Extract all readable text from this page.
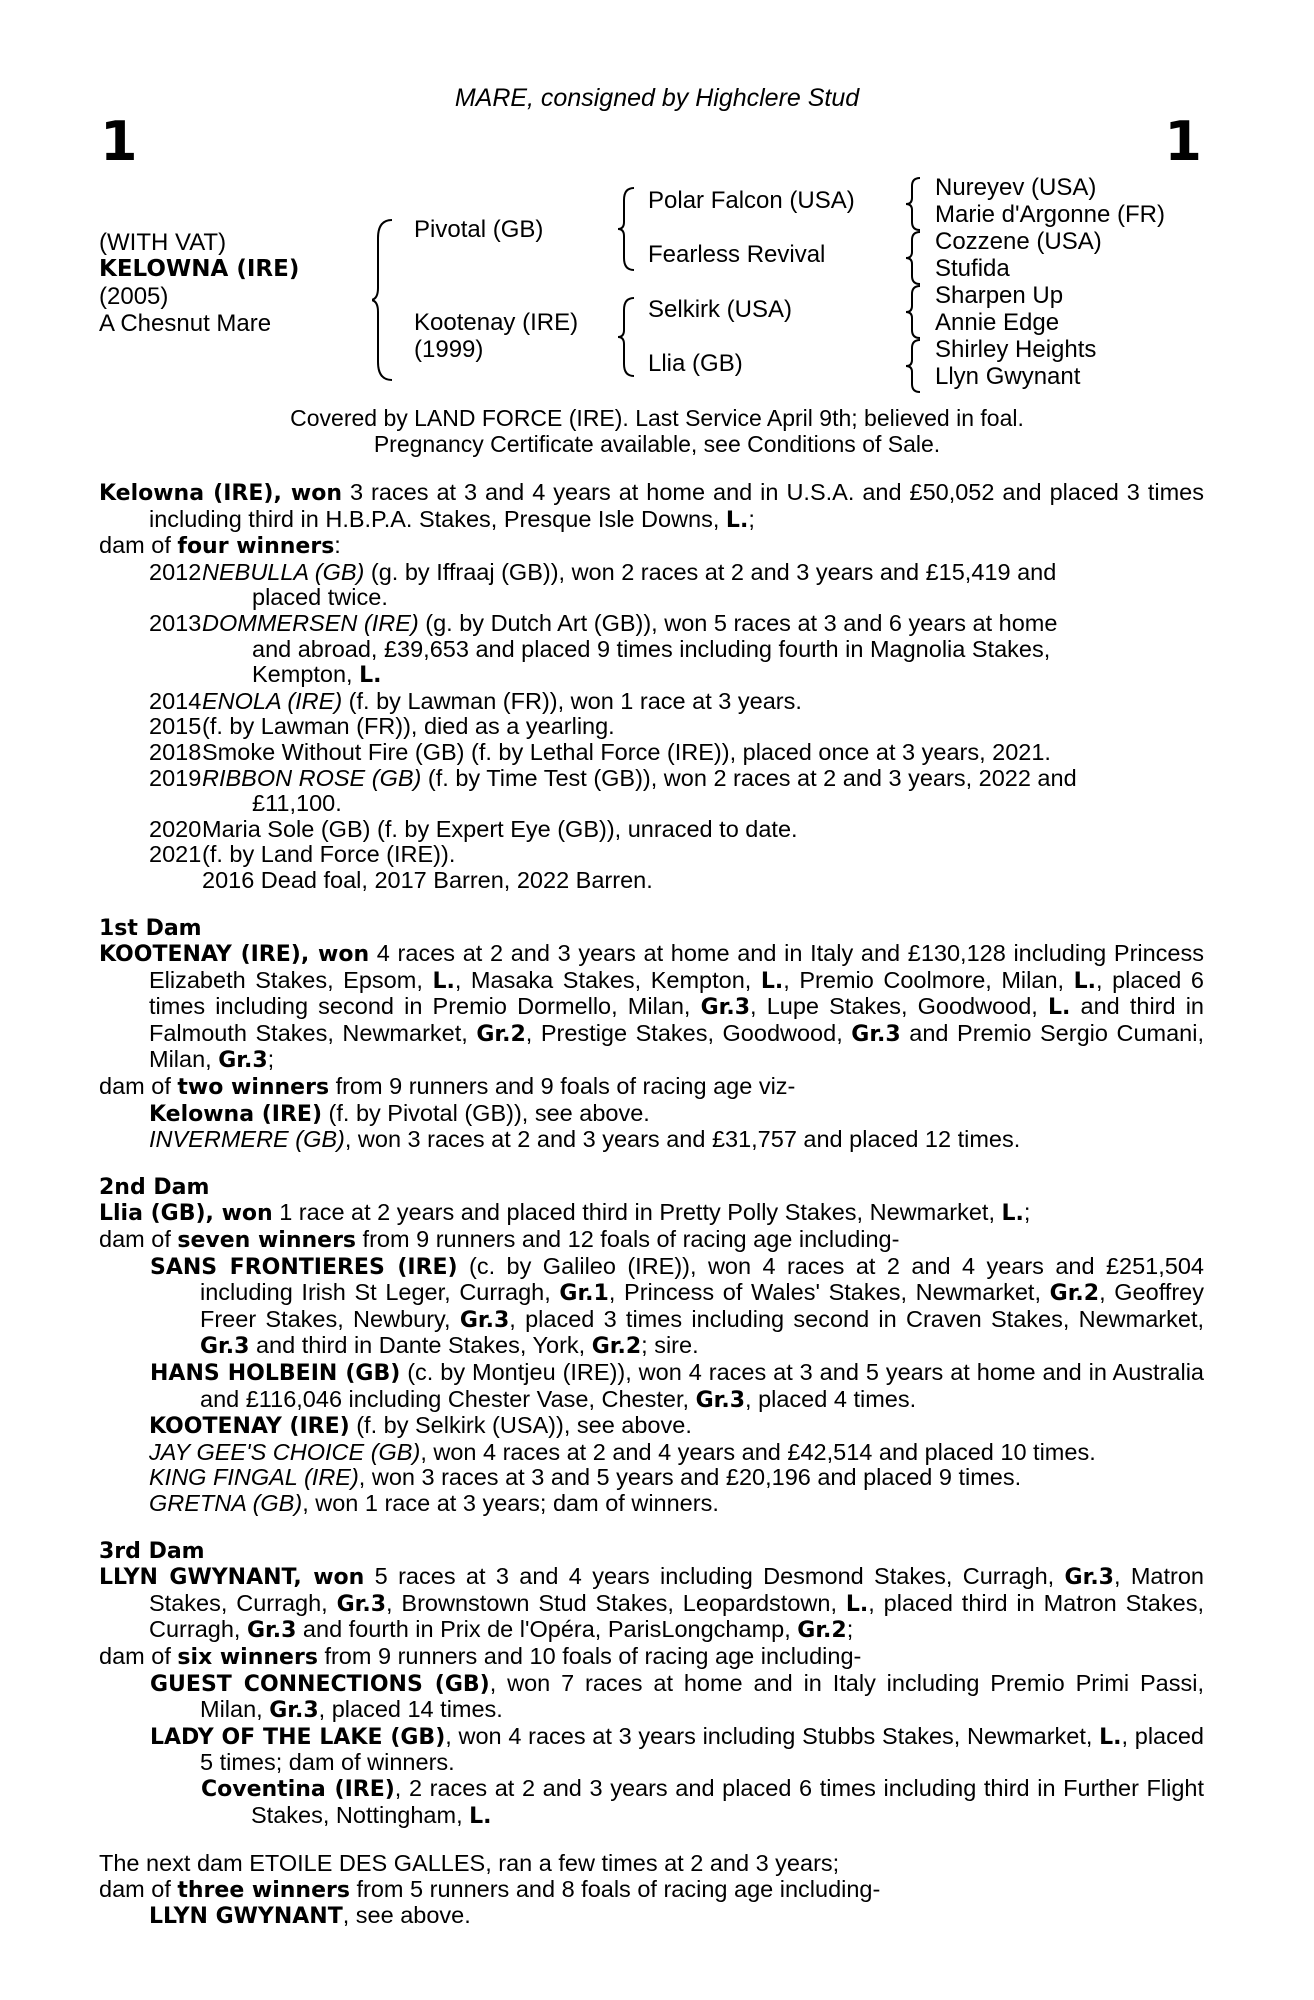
MARE, consigned by Highclere Stud
1	1
(WITH VAT)
KELOWNA (IRE)
(2005)
A Chesnut Mare
Pivotal (GB)
Kootenay (IRE)
(1999)
Polar Falcon (USA)
Fearless Revival
Selkirk (USA)
Llia (GB)
Nureyev (USA)
Marie d'Argonne (FR)
Cozzene (USA)
Stufida
Sharpen Up
Annie Edge
Shirley Heights
Llyn Gwynant
Covered by LAND FORCE (IRE). Last Service April 9th; believed in foal.
Pregnancy Certificate available, see Conditions of Sale.

Kelowna (IRE), won 3 races at 3 and 4 years at home and in U.S.A. and £50,052 and placed 3 times including third in H.B.P.A. Stakes, Presque Isle Downs, L.;

dam of four winners:

2012 NEBULLA (GB) (g. by Iffraaj (GB)), won 2 races at 2 and 3 years and £15,419 and
placed twice.
2013 DOMMERSEN (IRE) (g. by Dutch Art (GB)), won 5 races at 3 and 6 years at home
and abroad, £39,653 and placed 9 times including fourth in Magnolia Stakes,
Kempton, L.
2014 ENOLA (IRE) (f. by Lawman (FR)), won 1 race at 3 years.
2015 (f. by Lawman (FR)), died as a yearling.
2018 Smoke Without Fire (GB) (f. by Lethal Force (IRE)), placed once at 3 years, 2021.
2019 RIBBON ROSE (GB) (f. by Time Test (GB)), won 2 races at 2 and 3 years, 2022 and
£11,100.
2020 Maria Sole (GB) (f. by Expert Eye (GB)), unraced to date.
2021 (f. by Land Force (IRE)).
2016 Dead foal, 2017 Barren, 2022 Barren.

1st Dam

KOOTENAY (IRE), won 4 races at 2 and 3 years at home and in Italy and £130,128 including Princess Elizabeth Stakes, Epsom, L., Masaka Stakes, Kempton, L., Premio Coolmore, Milan, L., placed 6 times including second in Premio Dormello, Milan, Gr.3, Lupe Stakes, Goodwood, L. and third in Falmouth Stakes, Newmarket, Gr.2, Prestige Stakes, Goodwood, Gr.3 and Premio Sergio Cumani, Milan, Gr.3;

dam of two winners from 9 runners and 9 foals of racing age viz-

Kelowna (IRE) (f. by Pivotal (GB)), see above.

INVERMERE (GB), won 3 races at 2 and 3 years and £31,757 and placed 12 times.

2nd Dam

Llia (GB), won 1 race at 2 years and placed third in Pretty Polly Stakes, Newmarket, L.;

dam of seven winners from 9 runners and 12 foals of racing age including-

SANS FRONTIERES (IRE) (c. by Galileo (IRE)), won 4 races at 2 and 4 years and £251,504 including Irish St Leger, Curragh, Gr.1, Princess of Wales' Stakes, Newmarket, Gr.2, Geoffrey Freer Stakes, Newbury, Gr.3, placed 3 times including second in Craven Stakes, Newmarket, Gr.3 and third in Dante Stakes, York, Gr.2; sire.

HANS HOLBEIN (GB) (c. by Montjeu (IRE)), won 4 races at 3 and 5 years at home and in Australia and £116,046 including Chester Vase, Chester, Gr.3, placed 4 times.

KOOTENAY (IRE) (f. by Selkirk (USA)), see above.

JAY GEE'S CHOICE (GB), won 4 races at 2 and 4 years and £42,514 and placed 10 times.

KING FINGAL (IRE), won 3 races at 3 and 5 years and £20,196 and placed 9 times.

GRETNA (GB), won 1 race at 3 years; dam of winners.

3rd Dam

LLYN GWYNANT, won 5 races at 3 and 4 years including Desmond Stakes, Curragh, Gr.3, Matron Stakes, Curragh, Gr.3, Brownstown Stud Stakes, Leopardstown, L., placed third in Matron Stakes, Curragh, Gr.3 and fourth in Prix de l'Opéra, ParisLongchamp, Gr.2;

dam of six winners from 9 runners and 10 foals of racing age including-

GUEST CONNECTIONS (GB), won 7 races at home and in Italy including Premio Primi Passi, Milan, Gr.3, placed 14 times.

LADY OF THE LAKE (GB), won 4 races at 3 years including Stubbs Stakes, Newmarket, L., placed 5 times; dam of winners.

Coventina (IRE), 2 races at 2 and 3 years and placed 6 times including third in Further Flight Stakes, Nottingham, L.

The next dam ETOILE DES GALLES, ran a few times at 2 and 3 years;

dam of three winners from 5 runners and 8 foals of racing age including-

LLYN GWYNANT, see above.
